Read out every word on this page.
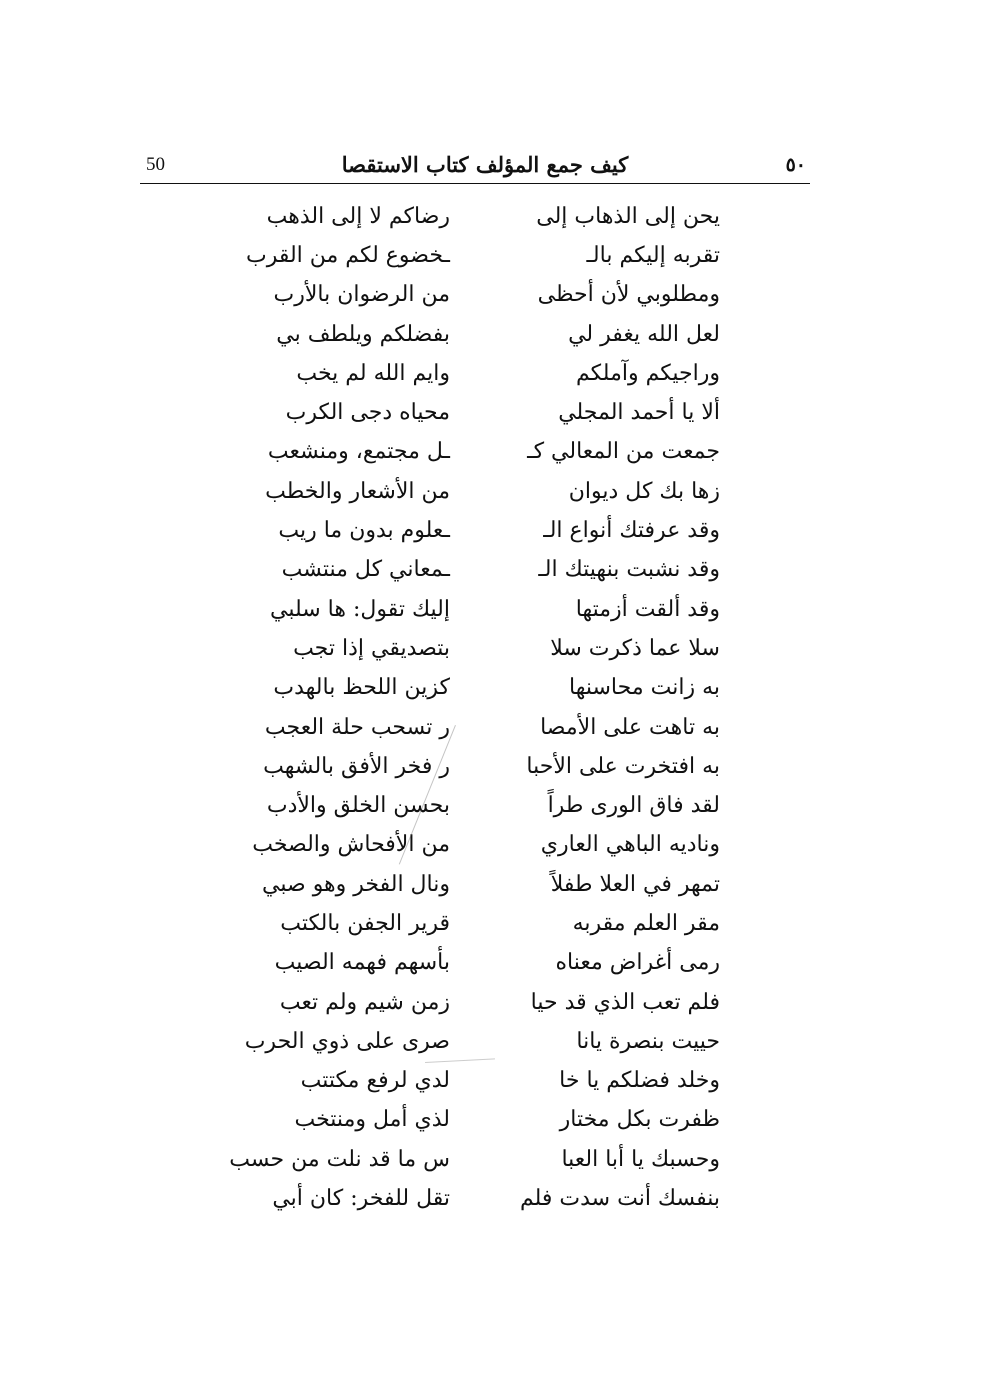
50	كيف جمع المؤلف كتاب الاستقصا	٥٠
يحن إلى الذهاب إلى
رضاكم لا إلى الذهب
تقربه إليكم بالـ
ـخضوع لكم من القرب
ومطلوبي لأن أحظى
من الرضوان بالأرب
لعل الله يغفر لي
بفضلكم ويلطف بي
وراجيكم وآملكم
وايم الله لم يخب
ألا يا أحمد المجلي
محياه دجى الكرب
جمعت من المعالي كـ
ـل مجتمع، ومنشعب
زها بك كل ديوان
من الأشعار والخطب
وقد عرفتك أنواع الـ
ـعلوم بدون ما ريب
وقد نشبت بنهيتك الـ
ـمعاني كل منتشب
وقد ألقت أزمتها
إليك تقول: ها سلبي
سلا عما ذكرت سلا
بتصديقي إذا تجب
به زانت محاسنها
كزين اللحظ بالهدب
به تاهت على الأمصا
ر تسحب حلة العجب
به افتخرت على الأحبا
ر فخر الأفق بالشهب
لقد فاق الورى طراً
بحسن الخلق والأدب
وناديه الباهي العاري
من الأفحاش والصخب
تمهر في العلا طفلاً
ونال الفخر وهو صبي
مقر العلم مقربه
قرير الجفن بالكتب
رمى أغراض معناه
بأسهم فهمه الصيب
فلم تعب الذي قد حيا
زمن شيم ولم تعب
حييت بنصرة يانا
صرى على ذوي الحرب
وخلد فضلكم يا خا
لدي لرفع مكتتب
ظفرت بكل مختار
لذي أمل ومنتخب
وحسبك يا أبا العبا
س ما قد نلت من حسب
بنفسك أنت سدت فلم
تقل للفخر: كان أبي
